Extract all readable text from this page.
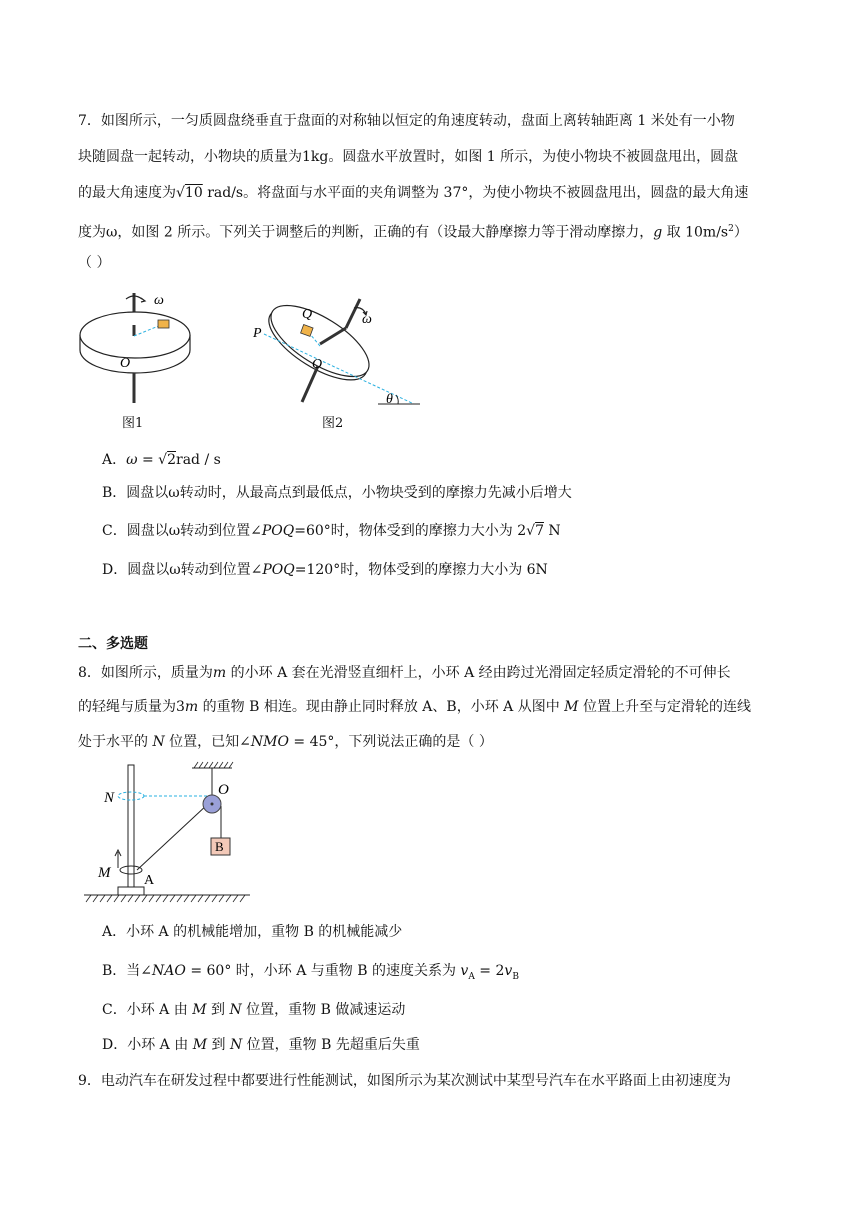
7．如图所示，一匀质圆盘绕垂直于盘面的对称轴以恒定的角速度转动，盘面上离转轴距离 1 米处有一小物
块随圆盘一起转动，小物块的质量为1kg。圆盘水平放置时，如图 1 所示，为使小物块不被圆盘甩出，圆盘
的最大角速度为√10 rad/s。将盘面与水平面的夹角调整为 37°，为使小物块不被圆盘甩出，圆盘的最大角速
度为ω，如图 2 所示。下列关于调整后的判断，正确的有（设最大静摩擦力等于滑动摩擦力，g 取 $10m/s^2$）
（ ）
ω
O
图1
ω
Q
P
O
θ
图2
A．ω = √2rad / s
B．圆盘以ω转动时，从最高点到最低点，小物块受到的摩擦力先减小后增大
C．圆盘以ω转动到位置∠POQ=60°时，物体受到的摩擦力大小为 2√7 N
D．圆盘以ω转动到位置∠POQ=120°时，物体受到的摩擦力大小为 6N
二、多选题
8．如图所示，质量为m 的小环 A 套在光滑竖直细杆上，小环 A 经由跨过光滑固定轻质定滑轮的不可伸长
的轻绳与质量为3m 的重物 B 相连。现由静止同时释放 A、B，小环 A 从图中 M 位置上升至与定滑轮的连线
处于水平的 N 位置，已知∠NMO = 45°，下列说法正确的是（ ）
B
N	O
M A
A．小环 A 的机械能增加，重物 B 的机械能减少
B．当∠NAO = 60° 时，小环 A 与重物 B 的速度关系为 $v_A = 2v_B$
C．小环 A 由 M 到 N 位置，重物 B 做减速运动
D．小环 A 由 M 到 N 位置，重物 B 先超重后失重
9．电动汽车在研发过程中都要进行性能测试，如图所示为某次测试中某型号汽车在水平路面上由初速度为
